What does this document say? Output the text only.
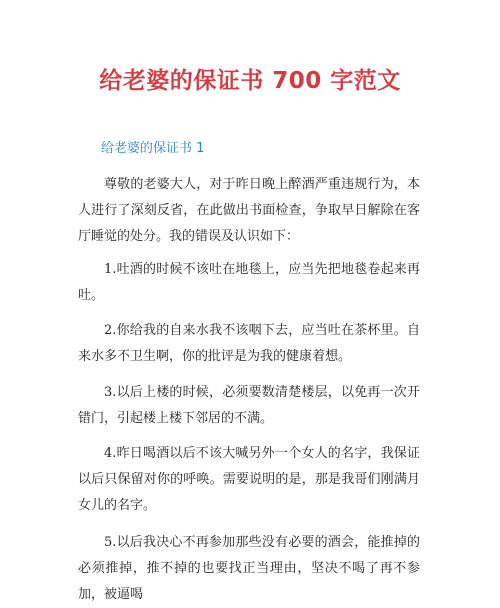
给老婆的保证书 700 字范文
给老婆的保证书 1

尊敬的老婆大人，对于昨日晚上醉酒严重违规行为，本人进行了深刻反省，在此做出书面检查，争取早日解除在客厅睡觉的处分。我的错误及认识如下：

1.吐酒的时候不该吐在地毯上，应当先把地毯卷起来再吐。

2.你给我的自来水我不该咽下去，应当吐在茶杯里。自来水多不卫生啊，你的批评是为我的健康着想。

3.以后上楼的时候，必须要数清楚楼层，以免再一次开错门，引起楼上楼下邻居的不满。

4.昨日喝酒以后不该大喊另外一个女人的名字，我保证以后只保留对你的呼唤。需要说明的是，那是我哥们刚满月女儿的名字。

5.以后我决心不再参加那些没有必要的酒会，能推掉的必须推掉，推不掉的也要找正当理由，坚决不喝了再不参加，被逼喝
